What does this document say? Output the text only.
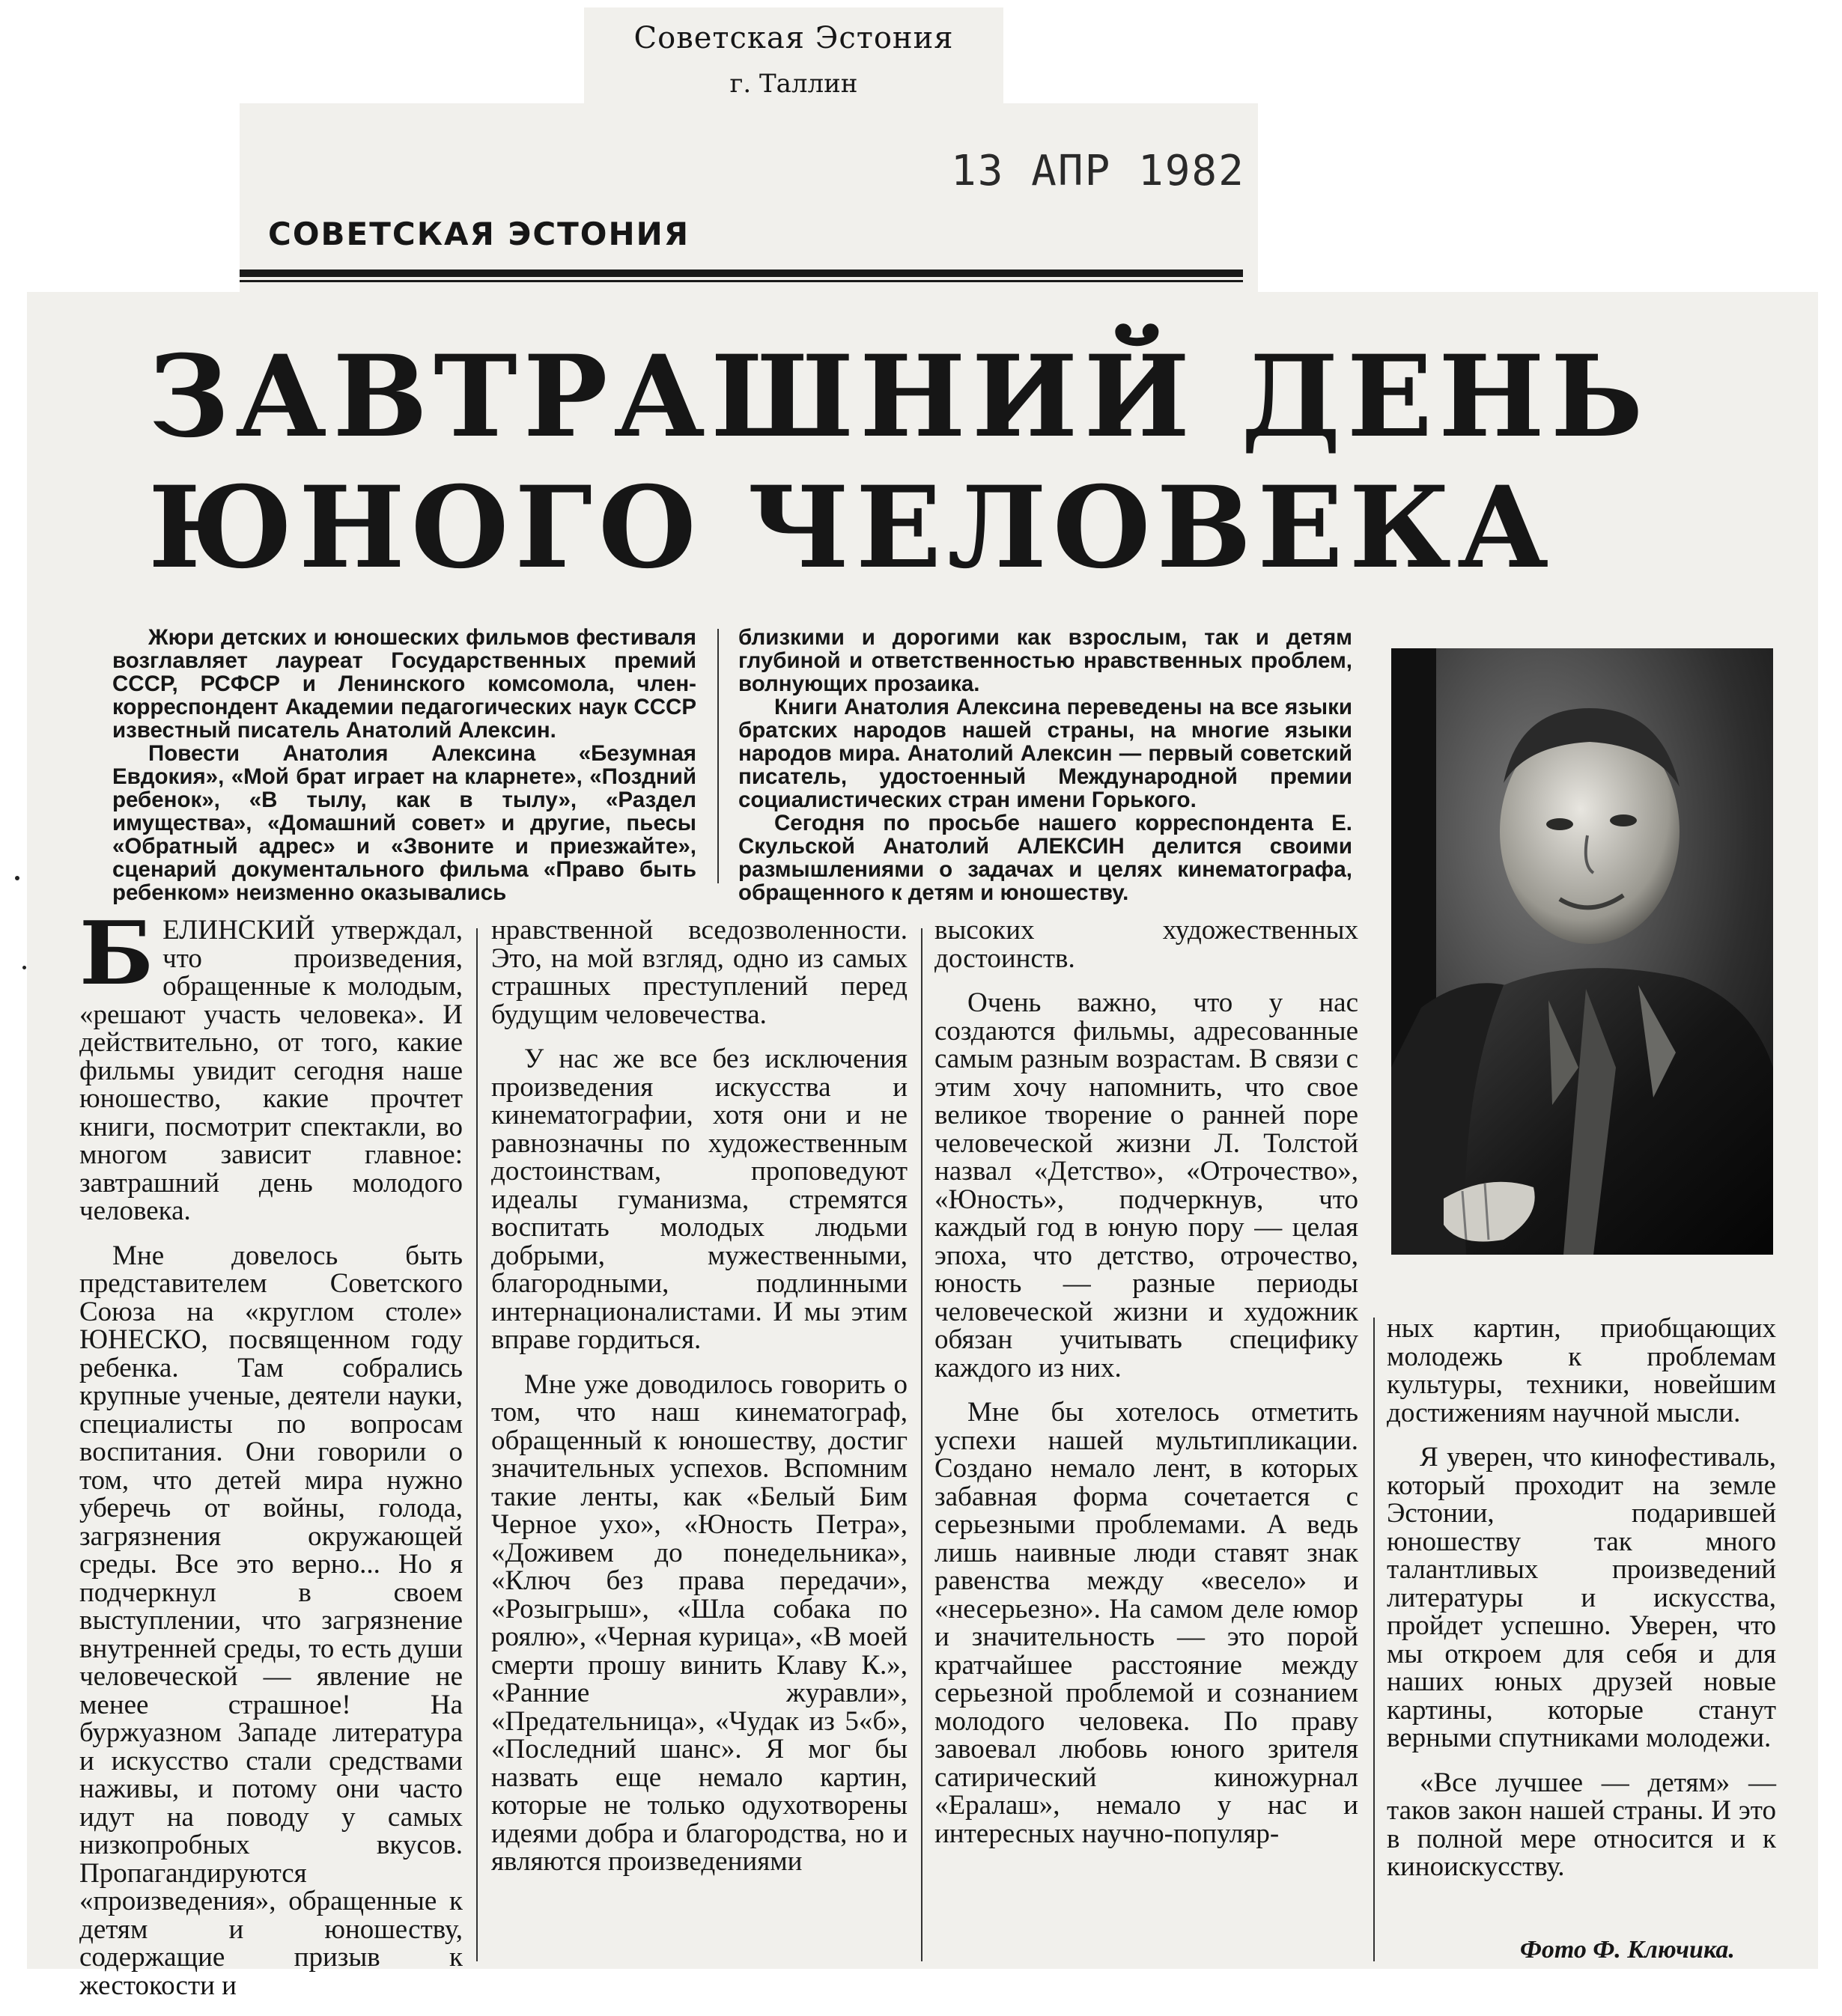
Советская Эстония
г. Таллин
13 АПР 1982
СОВЕТСКАЯ ЭСТОНИЯ
ЗАВТРАШНИЙ ДЕНЬ
ЮНОГО ЧЕЛОВЕКА

Жюри детских и юношеских фильмов фестиваля возглавляет лауреат Государственных премий СССР, РСФСР и Ленинского комсомола, член-корреспондент Академии педагогических наук СССР известный писатель Анатолий Алексин.

Повести Анатолия Алексина «Безумная Евдокия», «Мой брат играет на кларнете», «Поздний ребенок», «В тылу, как в тылу», «Раздел имущества», «Домашний совет» и другие, пьесы «Обратный адрес» и «Звоните и приезжайте», сценарий документального фильма «Право быть ребенком» неизменно оказывались

близкими и дорогими как взрослым, так и детям глубиной и ответственностью нравственных проблем, волнующих прозаика.

Книги Анатолия Алексина переведены на все языки братских народов нашей страны, на многие языки народов мира. Анатолий Алексин — первый советский писатель, удостоенный Международной премии социалистических стран имени Горького.

Сегодня по просьбе нашего корреспондента Е. Скульской Анатолий АЛЕКСИН делится своими размышлениями о задачах и целях кинематографа, обращенного к детям и юношеству.

БЕЛИНСКИЙ утверждал, что произведения, обращенные к молодым, «решают участь человека». И действительно, от того, какие фильмы увидит сегодня наше юношество, какие прочтет книги, посмотрит спектакли, во многом зависит главное: завтрашний день молодого человека.

Мне довелось быть представителем Советского Союза на «круглом столе» ЮНЕСКО, посвященном году ребенка. Там собрались крупные ученые, деятели науки, специалисты по вопросам воспитания. Они говорили о том, что детей мира нужно уберечь от войны, голода, загрязнения окружающей среды. Все это верно... Но я подчеркнул в своем выступлении, что загрязнение внутренней среды, то есть души человеческой — явление не менее страшное! На буржуазном Западе литература и искусство стали средствами наживы, и потому они часто идут на поводу у самых низкопробных вкусов. Пропагандируются «произведения», обращенные к детям и юношеству, содержащие призыв к жестокости и

нравственной вседозволенности. Это, на мой взгляд, одно из самых страшных преступлений перед будущим человечества.

У нас же все без исключения произведения искусства и кинематографии, хотя они и не равнозначны по художественным достоинствам, проповедуют идеалы гуманизма, стремятся воспитать молодых людьми добрыми, мужественными, благородными, подлинными интернационалистами. И мы этим вправе гордиться.

Мне уже доводилось говорить о том, что наш кинематограф, обращенный к юношеству, достиг значительных успехов. Вспомним такие ленты, как «Белый Бим Черное ухо», «Юность Петра», «Доживем до понедельника», «Ключ без права передачи», «Розыгрыш», «Шла собака по роялю», «Черная курица», «В моей смерти прошу винить Клаву К.», «Ранние журавли», «Предательница», «Чудак из 5«б», «Последний шанс». Я мог бы назвать еще немало картин, которые не только одухотворены идеями добра и благородства, но и являются произведениями

высоких художественных достоинств.

Очень важно, что у нас создаются фильмы, адресованные самым разным возрастам. В связи с этим хочу напомнить, что свое великое творение о ранней поре человеческой жизни Л. Толстой назвал «Детство», «Отрочество», «Юность», подчеркнув, что каждый год в юную пору — целая эпоха, что детство, отрочество, юность — разные периоды человеческой жизни и художник обязан учитывать специфику каждого из них.

Мне бы хотелось отметить успехи нашей мультипликации. Создано немало лент, в которых забавная форма сочетается с серьезными проблемами. А ведь лишь наивные люди ставят знак равенства между «весело» и «несерьезно». На самом деле юмор и значительность — это порой кратчайшее расстояние между серьезной проблемой и сознанием молодого человека. По праву завоевал любовь юного зрителя сатирический киножурнал «Ералаш», немало у нас и интересных научно-популяр-

ных картин, приобщающих молодежь к проблемам культуры, техники, новейшим достижениям научной мысли.

Я уверен, что кинофестиваль, который проходит на земле Эстонии, подарившей юношеству так много талантливых произведений литературы и искусства, пройдет успешно. Уверен, что мы откроем для себя и для наших юных друзей новые картины, которые станут верными спутниками молодежи.

«Все лучшее — детям» — таков закон нашей страны. И это в полной мере относится и к киноискусству.

Фото Ф. Ключика.
